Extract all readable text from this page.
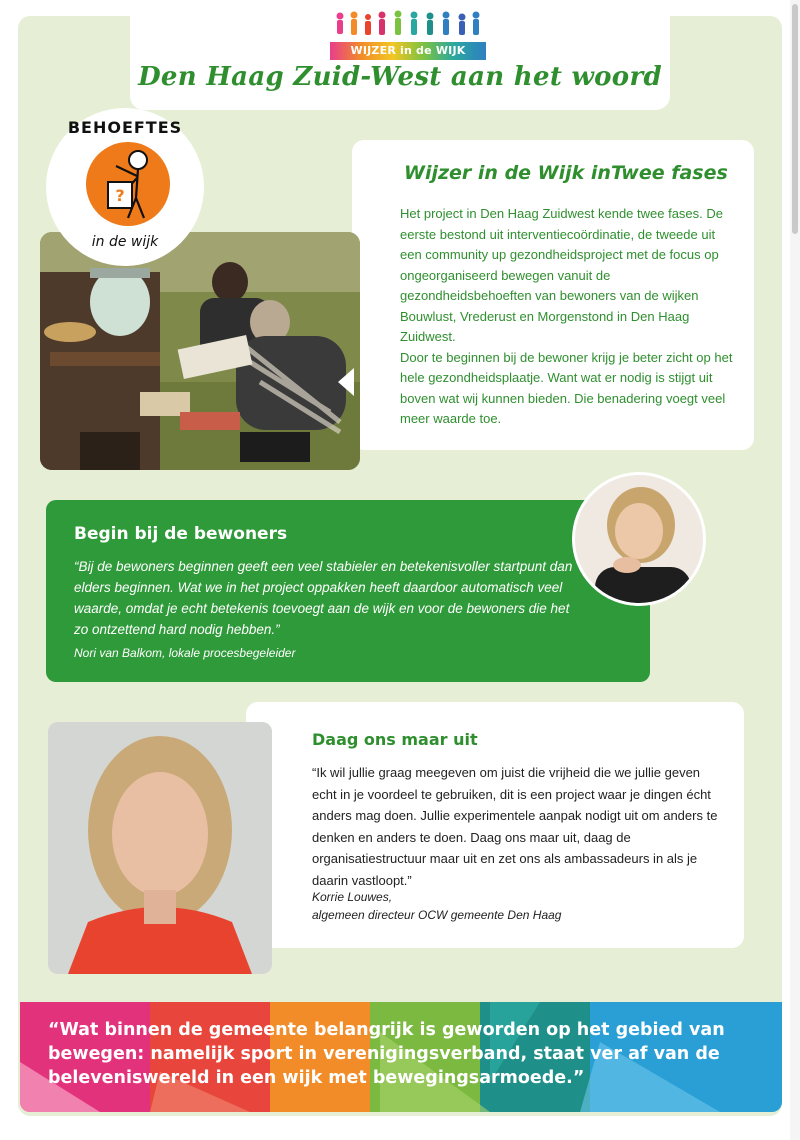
WIJZER in de WIJK
Den Haag Zuid-West aan het woord
BEHOEFTES
?
in de wijk
Wijzer in de Wijk inTwee fases

Het project in Den Haag Zuidwest kende twee fases. De eerste bestond uit interventiecoördinatie, de tweede uit een community up gezondheidsproject met de focus op ongeorganiseerd bewegen vanuit de gezondheidsbehoeften van bewoners van de wijken Bouwlust, Vrederust en Morgenstond in Den Haag Zuidwest.

Door te beginnen bij de bewoner krijg je beter zicht op het hele gezondheidsplaatje. Want wat er nodig is stijgt uit boven wat wij kunnen bieden. Die benadering voegt veel meer waarde toe.

Begin bij de bewoners
“Bij de bewoners beginnen geeft een veel stabieler en betekenisvoller startpunt dan elders beginnen. Wat we in het project oppakken heeft daardoor automatisch veel waarde, omdat je echt betekenis toevoegt aan de wijk en voor de bewoners die het zo ontzettend hard nodig hebben.”
Nori van Balkom, lokale procesbegeleider
Daag ons maar uit
“Ik wil jullie graag meegeven om juist die vrijheid die we jullie geven echt in je voordeel te gebruiken, dit is een project waar je dingen écht anders mag doen. Jullie experimentele aanpak nodigt uit om anders te denken en anders te doen. Daag ons maar uit, daag de organisatiestructuur maar uit en zet ons als ambassadeurs in als je daarin vastloopt.”
Korrie Louwes,
algemeen directeur OCW gemeente Den Haag
“Wat binnen de gemeente belangrijk is geworden op het gebied van bewegen: namelijk sport in verenigingsverband, staat ver af van de beleveniswereld in een wijk met bewegingsarmoede.”
